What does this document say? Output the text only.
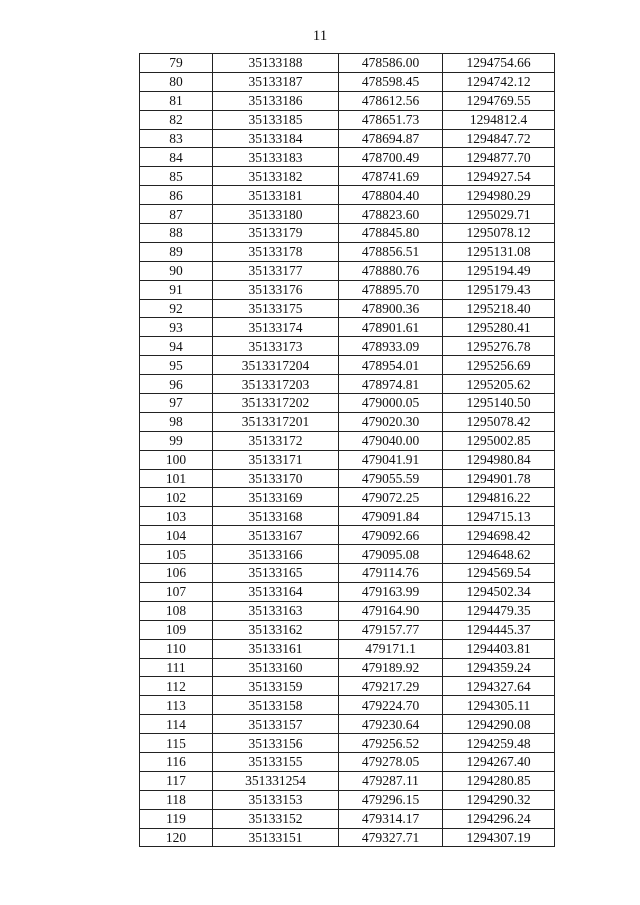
11
79	35133188	478586.00	1294754.66
80	35133187	478598.45	1294742.12
81	35133186	478612.56	1294769.55
82	35133185	478651.73	1294812.4
83	35133184	478694.87	1294847.72
84	35133183	478700.49	1294877.70
85	35133182	478741.69	1294927.54
86	35133181	478804.40	1294980.29
87	35133180	478823.60	1295029.71
88	35133179	478845.80	1295078.12
89	35133178	478856.51	1295131.08
90	35133177	478880.76	1295194.49
91	35133176	478895.70	1295179.43
92	35133175	478900.36	1295218.40
93	35133174	478901.61	1295280.41
94	35133173	478933.09	1295276.78
95	3513317204	478954.01	1295256.69
96	3513317203	478974.81	1295205.62
97	3513317202	479000.05	1295140.50
98	3513317201	479020.30	1295078.42
99	35133172	479040.00	1295002.85
100	35133171	479041.91	1294980.84
101	35133170	479055.59	1294901.78
102	35133169	479072.25	1294816.22
103	35133168	479091.84	1294715.13
104	35133167	479092.66	1294698.42
105	35133166	479095.08	1294648.62
106	35133165	479114.76	1294569.54
107	35133164	479163.99	1294502.34
108	35133163	479164.90	1294479.35
109	35133162	479157.77	1294445.37
110	35133161	479171.1	1294403.81
111	35133160	479189.92	1294359.24
112	35133159	479217.29	1294327.64
113	35133158	479224.70	1294305.11
114	35133157	479230.64	1294290.08
115	35133156	479256.52	1294259.48
116	35133155	479278.05	1294267.40
117	351331254	479287.11	1294280.85
118	35133153	479296.15	1294290.32
119	35133152	479314.17	1294296.24
120	35133151	479327.71	1294307.19
